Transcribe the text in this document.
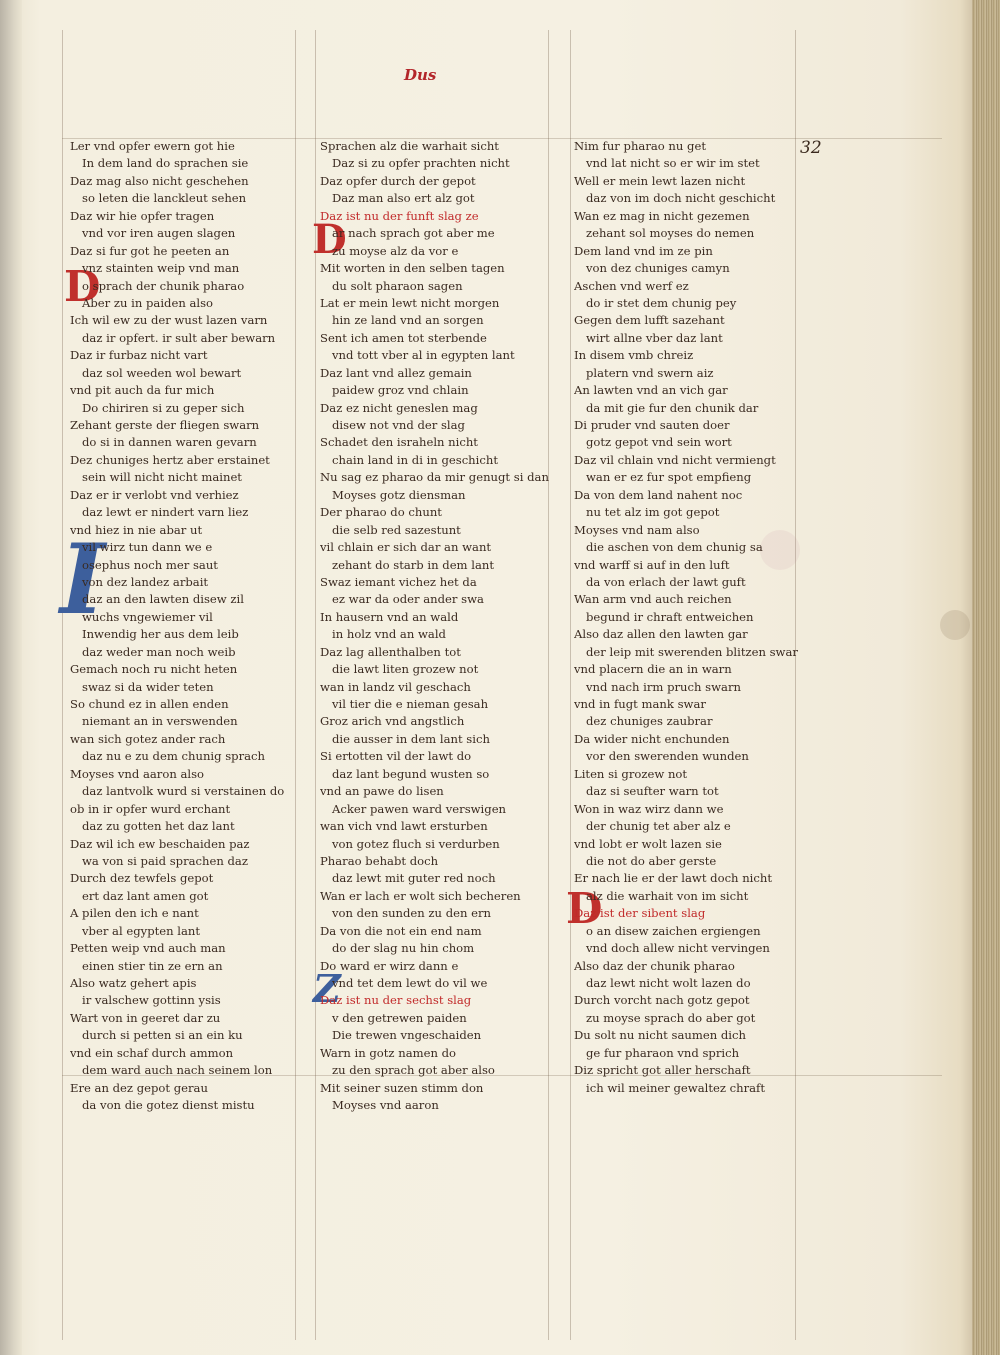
Dus
32
D
I
D
Z
D
Ler vnd opfer ewern got hie
In dem land do sprachen sie
Daz mag also nicht geschehen
so leten die lanckleut sehen
Daz wir hie opfer tragen
vnd vor iren augen slagen
Daz si fur got he peeten an
vnz stainten weip vnd man
o sprach der chunik pharao
Aber zu in paiden also
Ich wil ew zu der wust lazen varn
daz ir opfert. ir sult aber bewarn
Daz ir furbaz nicht vart
daz sol weeden wol bewart
vnd pit auch da fur mich
Do chiriren si zu geper sich
Zehant gerste der fliegen swarn
do si in dannen waren gevarn
Dez chuniges hertz aber erstainet
sein will nicht nicht mainet
Daz er ir verlobt vnd verhiez
daz lewt er nindert varn liez
vnd hiez in nie abar ut
vil wirz tun dann we e
osephus noch mer saut
von dez landez arbait
daz an den lawten disew zil
wuchs vngewiemer vil
Inwendig her aus dem leib
daz weder man noch weib
Gemach noch ru nicht heten
swaz si da wider teten
So chund ez in allen enden
niemant an in verswenden
wan sich gotez ander rach
daz nu e zu dem chunig sprach
Moyses vnd aaron also
daz lantvolk wurd si verstainen do
ob in ir opfer wurd erchant
daz zu gotten het daz lant
Daz wil ich ew beschaiden paz
wa von si paid sprachen daz
Durch dez tewfels gepot
ert daz lant amen got
A pilen den ich e nant
vber al egypten lant
Petten weip vnd auch man
einen stier tin ze ern an
Also watz gehert apis
ir valschew gottinn ysis
Wart von in geeret dar zu
durch si petten si an ein ku
vnd ein schaf durch ammon
dem ward auch nach seinem lon
Ere an dez gepot gerau
da von die gotez dienst mistu
Sprachen alz die warhait sicht
Daz si zu opfer prachten nicht
Daz opfer durch der gepot
Daz man also ert alz got
Daz ist nu der funft slag ze
ar nach sprach got aber me
zu moyse alz da vor e
Mit worten in den selben tagen
du solt pharaon sagen
Lat er mein lewt nicht morgen
hin ze land vnd an sorgen
Sent ich amen tot sterbende
vnd tott vber al in egypten lant
Daz lant vnd allez gemain
paidew groz vnd chlain
Daz ez nicht geneslen mag
disew not vnd der slag
Schadet den israheln nicht
chain land in di in geschicht
Nu sag ez pharao da mir genugt si dan
Moyses gotz diensman
Der pharao do chunt
die selb red sazestunt
vil chlain er sich dar an want
zehant do starb in dem lant
Swaz iemant vichez het da
ez war da oder ander swa
In hausern vnd an wald
in holz vnd an wald
Daz lag allenthalben tot
die lawt liten grozew not
wan in landz vil geschach
vil tier die e nieman gesah
Groz arich vnd angstlich
die ausser in dem lant sich
Si ertotten vil der lawt do
daz lant begund wusten so
vnd an pawe do lisen
Acker pawen ward verswigen
wan vich vnd lawt ersturben
von gotez fluch si verdurben
Pharao behabt doch
daz lewt mit guter red noch
Wan er lach er wolt sich becheren
von den sunden zu den ern
Da von die not ein end nam
do der slag nu hin chom
Do ward er wirz dann e
vnd tet dem lewt do vil we
Daz ist nu der sechst slag
v den getrewen paiden
Die trewen vngeschaiden
Warn in gotz namen do
zu den sprach got aber also
Mit seiner suzen stimm don
Moyses vnd aaron
Nim fur pharao nu get
vnd lat nicht so er wir im stet
Well er mein lewt lazen nicht
daz von im doch nicht geschicht
Wan ez mag in nicht gezemen
zehant sol moyses do nemen
Dem land vnd im ze pin
von dez chuniges camyn
Aschen vnd werf ez
do ir stet dem chunig pey
Gegen dem lufft sazehant
wirt allne vber daz lant
In disem vmb chreiz
platern vnd swern aiz
An lawten vnd an vich gar
da mit gie fur den chunik dar
Di pruder vnd sauten doer
gotz gepot vnd sein wort
Daz vil chlain vnd nicht vermiengt
wan er ez fur spot empfieng
Da von dem land nahent noc
nu tet alz im got gepot
Moyses vnd nam also
die aschen von dem chunig sa
vnd warff si auf in den luft
da von erlach der lawt guft
Wan arm vnd auch reichen
begund ir chraft entweichen
Also daz allen den lawten gar
der leip mit swerenden blitzen swar
vnd placern die an in warn
vnd nach irm pruch swarn
vnd in fugt mank swar
dez chuniges zaubrar
Da wider nicht enchunden
vor den swerenden wunden
Liten si grozew not
daz si seufter warn tot
Won in waz wirz dann we
der chunig tet aber alz e
vnd lobt er wolt lazen sie
die not do aber gerste
Er nach lie er der lawt doch nicht
alz die warhait von im sicht
Daz ist der sibent slag
o an disew zaichen ergiengen
vnd doch allew nicht vervingen
Also daz der chunik pharao
daz lewt nicht wolt lazen do
Durch vorcht nach gotz gepot
zu moyse sprach do aber got
Du solt nu nicht saumen dich
ge fur pharaon vnd sprich
Diz spricht got aller herschaft
ich wil meiner gewaltez chraft
